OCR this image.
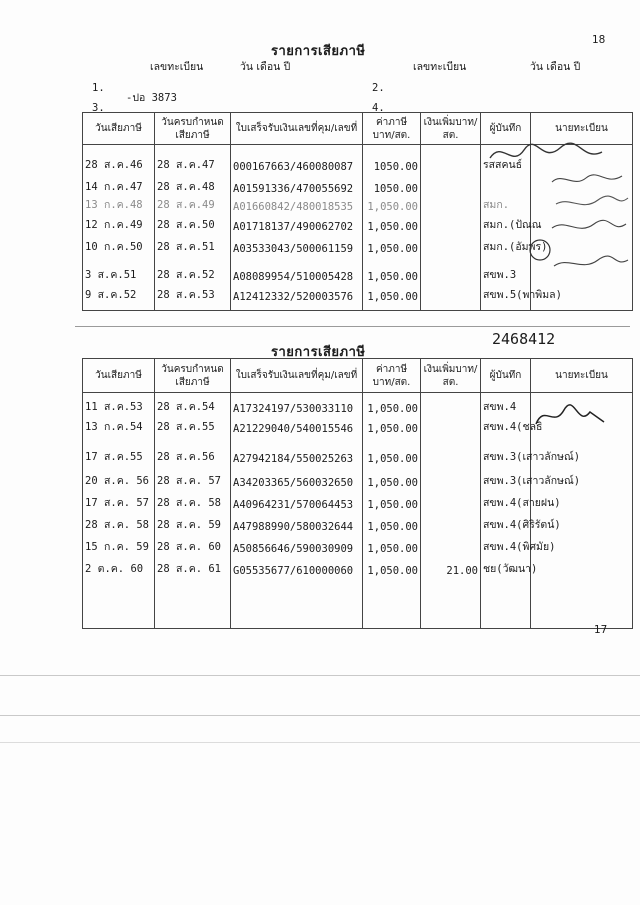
18
รายการเสียภาษี
เลขทะเบียน	วัน เดือน ปี	เลขทะเบียน	วัน เดือน ปี
1.
-ปอ 3873
2.
3.	4.
วันเสียภาษี	วันครบกำหนดเสียภาษี	ใบเสร็จรับเงินเลขที่คุม/เลขที่	ค่าภาษีบาท/สต.	เงินเพิ่มบาท/สต.	ผู้บันทึก	นายทะเบียน
28 ส.ค.46	28 ส.ค.47	000167663/460080087	1050.00		รสสคนธ์	
14 ก.ค.47	28 ส.ค.48	A01591336/470055692	1050.00			
13 ก.ค.48	28 ส.ค.49	A01660842/480018535	1,050.00		สมก.	
12 ก.ค.49	28 ส.ค.50	A01718137/490062702	1,050.00		สมก.(ปัณณ	
10 ก.ค.50	28 ส.ค.51	A03533043/500061159	1,050.00		สมก.(อัมพร)	
3 ส.ค.51	28 ส.ค.52	A08089954/510005428	1,050.00		สขพ.3	
9 ส.ค.52	28 ส.ค.53	A12412332/520003576	1,050.00		สขพ.5(พาพิมล)	

รายการเสียภาษี
2468412
วันเสียภาษี	วันครบกำหนดเสียภาษี	ใบเสร็จรับเงินเลขที่คุม/เลขที่	ค่าภาษีบาท/สต.	เงินเพิ่มบาท/สต.	ผู้บันทึก	นายทะเบียน
11 ส.ค.53	28 ส.ค.54	A17324197/530033110	1,050.00		สขพ.4	
13 ก.ค.54	28 ส.ค.55	A21229040/540015546	1,050.00		สขพ.4(ชลธิ	
17 ส.ค.55	28 ส.ค.56	A27942184/550025263	1,050.00		สขพ.3(เสาวลักษณ์)	
20 ส.ค. 56	28 ส.ค. 57	A34203365/560032650	1,050.00		สขพ.3(เสาวลักษณ์)	
17 ส.ค. 57	28 ส.ค. 58	A40964231/570064453	1,050.00		สขพ.4(สายฝน)	
28 ส.ค. 58	28 ส.ค. 59	A47988990/580032644	1,050.00		สขพ.4(ศิริรัตน์)	
15 ก.ค. 59	28 ส.ค. 60	A50856646/590030909	1,050.00		สขพ.4(พิศมัย)	
2 ต.ค. 60	28 ส.ค. 61	G05535677/610000060	1,050.00	21.00	ชย(วัฒนา)	

17
